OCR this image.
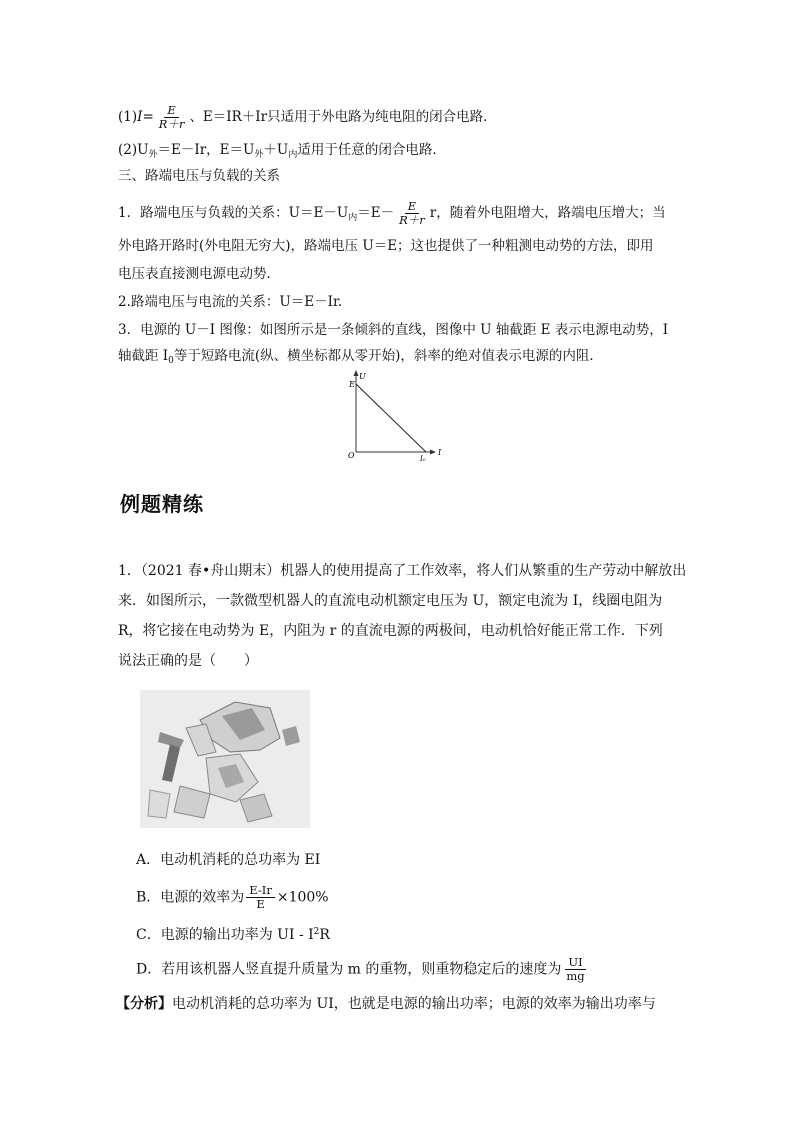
$(1)I= \frac{E}{R+r}$ 、E＝IR＋Ir只适用于外电路为纯电阻的闭合电路．
$(2)U_外=E-Ir$，$E=U_外+U_内$适用于任意的闭合电路．
三、路端电压与负载的关系
1．路端电压与负载的关系：$U=E-U_内=E- \frac{E}{R+r}$ r，随着外电阻增大，路端电压增大；当
外电路开路时(外电阻无穷大)，路端电压 U＝E；这也提供了一种粗测电动势的方法，即用
电压表直接测电源电动势．
2.路端电压与电流的关系：U＝E－Ir.
3．电源的 U－I 图像：如图所示是一条倾斜的直线，图像中 U 轴截距 E 表示电源电动势，I
轴截距 $I_0$等于短路电流(纵、横坐标都从零开始)，斜率的绝对值表示电源的内阻．
E
U
O	I₀
I
例题精练
1．（2021 春•舟山期末）机器人的使用提高了工作效率，将人们从繁重的生产劳动中解放出
来．如图所示，一款微型机器人的直流电动机额定电压为 U，额定电流为 I，线圈电阻为
R，将它接在电动势为 E，内阻为 r 的直流电源的两极间，电动机恰好能正常工作．下列
说法正确的是（　　）
A．电动机消耗的总功率为 EI
B．电源的效率为 $\frac{E-Ir}{E} \times 100\%$
C．电源的输出功率为 UI - $I^2R$
D．若用该机器人竖直提升质量为 m 的重物，则重物稳定后的速度为 $\frac{UI}{mg}$
【分析】电动机消耗的总功率为 UI，也就是电源的输出功率；电源的效率为输出功率与
